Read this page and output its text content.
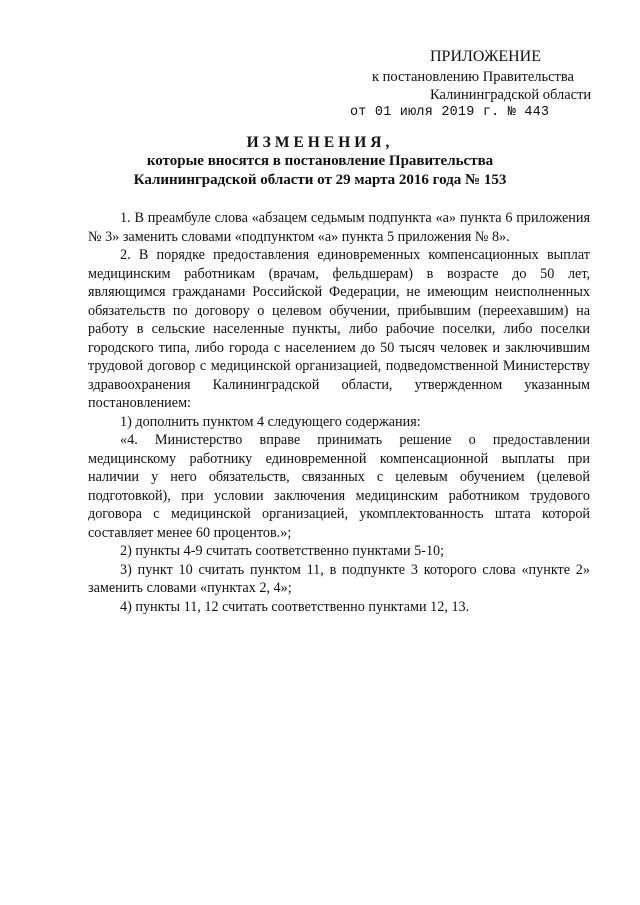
ПРИЛОЖЕНИЕ
к постановлению Правительства
Калининградской области
от 01 июля 2019 г. № 443
ИЗМЕНЕНИЯ,
которые вносятся в постановление Правительства
Калининградской области от 29 марта 2016 года № 153

1. В преамбуле слова «абзацем седьмым подпункта «а» пункта 6 приложения № 3» заменить словами «подпунктом «а» пункта 5 приложения № 8».

2. В порядке предоставления единовременных компенсационных выплат медицинским работникам (врачам, фельдшерам) в возрасте до 50 лет, являющимся гражданами Российской Федерации, не имеющим неисполненных обязательств по договору о целевом обучении, прибывшим (переехавшим) на работу в сельские населенные пункты, либо рабочие поселки, либо поселки городского типа, либо города с населением до 50 тысяч человек и заключившим трудовой договор с медицинской организацией, подведомственной Министерству здравоохранения Калининградской области, утвержденном указанным постановлением:

1) дополнить пунктом 4 следующего содержания:

«4. Министерство вправе принимать решение о предоставлении медицинскому работнику единовременной компенсационной выплаты при наличии у него обязательств, связанных с целевым обучением (целевой подготовкой), при условии заключения медицинским работником трудового договора с медицинской организацией, укомплектованность штата которой составляет менее 60 процентов.»;

2) пункты 4-9 считать соответственно пунктами 5-10;

3) пункт 10 считать пунктом 11, в подпункте 3 которого слова «пункте 2» заменить словами «пунктах 2, 4»;

4) пункты 11, 12 считать соответственно пунктами 12, 13.
